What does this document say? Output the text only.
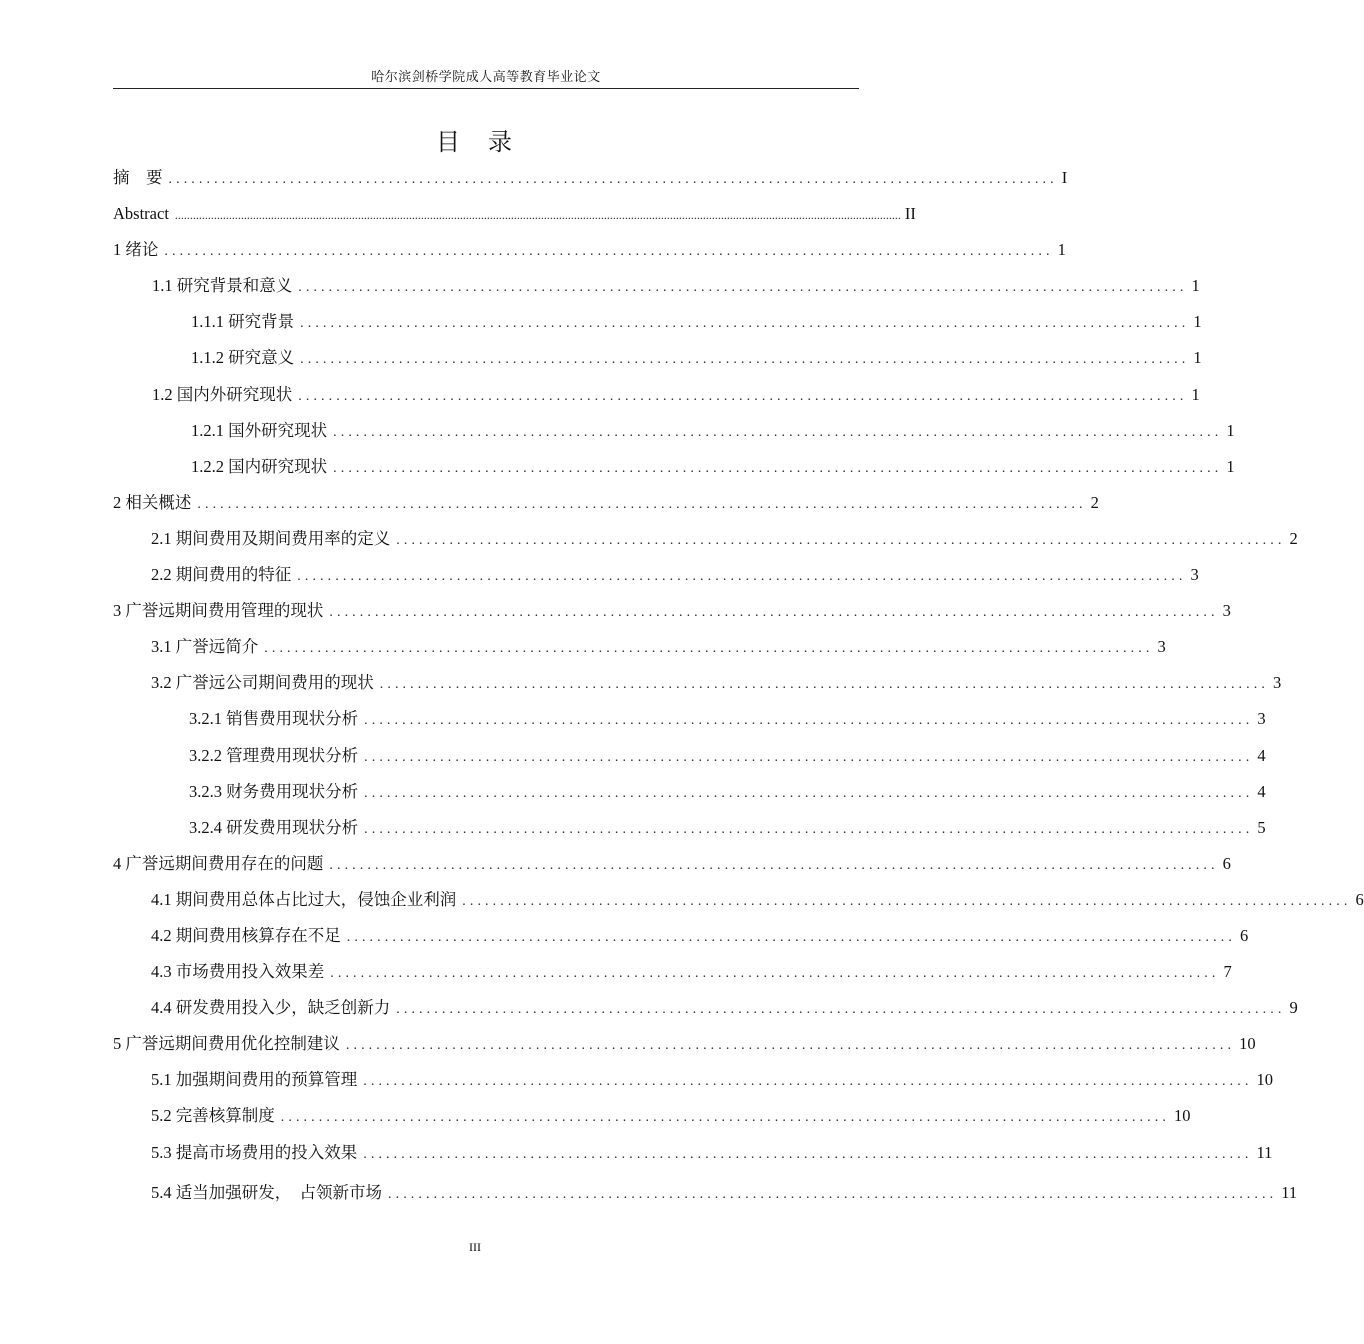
哈尔滨剑桥学院成人高等教育毕业论文
目　录
摘　要 ..................................................................................................................... I
Abstract .................................................................................................................................................................................................................................................. II
1 绪论 ..................................................................................................................... 1
1.1 研究背景和意义 ..................................................................................................................... 1
1.1.1 研究背景 ..................................................................................................................... 1
1.1.2 研究意义 ..................................................................................................................... 1
1.2 国内外研究现状 ..................................................................................................................... 1
1.2.1 国外研究现状 ..................................................................................................................... 1
1.2.2 国内研究现状 ..................................................................................................................... 1
2 相关概述 ..................................................................................................................... 2
2.1 期间费用及期间费用率的定义 ..................................................................................................................... 2
2.2 期间费用的特征 ..................................................................................................................... 3
3 广誉远期间费用管理的现状 ..................................................................................................................... 3
3.1 广誉远简介 ..................................................................................................................... 3
3.2 广誉远公司期间费用的现状 ..................................................................................................................... 3
3.2.1 销售费用现状分析 ..................................................................................................................... 3
3.2.2 管理费用现状分析 ..................................................................................................................... 4
3.2.3 财务费用现状分析 ..................................................................................................................... 4
3.2.4 研发费用现状分析 ..................................................................................................................... 5
4 广誉远期间费用存在的问题 ..................................................................................................................... 6
4.1 期间费用总体占比过大，侵蚀企业利润 ..................................................................................................................... 6
4.2 期间费用核算存在不足 ..................................................................................................................... 6
4.3 市场费用投入效果差 ..................................................................................................................... 7
4.4 研发费用投入少，缺乏创新力 ..................................................................................................................... 9
5 广誉远期间费用优化控制建议 ..................................................................................................................... 10
5.1 加强期间费用的预算管理 ..................................................................................................................... 10
5.2 完善核算制度 ..................................................................................................................... 10
5.3 提高市场费用的投入效果 ..................................................................................................................... 11
5.4 适当加强研发，　占领新市场 ..................................................................................................................... 11
III
